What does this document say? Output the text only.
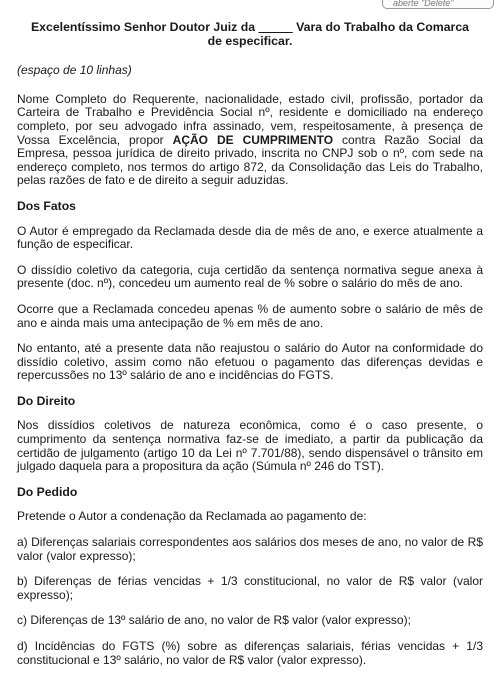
aberte "Delete"
Excelentíssimo Senhor Doutor Juiz da _____ Vara do Trabalho da Comarca
de especificar.
(espaço de 10 linhas)

Nome Completo do Requerente, nacionalidade, estado civil, profissão, portador da Carteira de Trabalho e Previdência Social nº, residente e domiciliado na endereço completo, por seu advogado infra assinado, vem, respeitosamente, à presença de Vossa Excelência, propor AÇÃO DE CUMPRIMENTO contra Razão Social da Empresa, pessoa jurídica de direito privado, inscrita no CNPJ sob o nº, com sede na endereço completo, nos termos do artigo 872, da Consolidação das Leis do Trabalho, pelas razões de fato e de direito a seguir aduzidas.

Dos Fatos

O Autor é empregado da Reclamada desde dia de mês de ano, e exerce atualmente a função de especificar.

O dissídio coletivo da categoria, cuja certidão da sentença normativa segue anexa à presente (doc. nº), concedeu um aumento real de % sobre o salário do mês de ano.

Ocorre que a Reclamada concedeu apenas % de aumento sobre o salário de mês de ano e ainda mais uma antecipação de % em mês de ano.

No entanto, até a presente data não reajustou o salário do Autor na conformidade do dissídio coletivo, assim como não efetuou o pagamento das diferenças devidas e repercussões no 13º salário de ano e incidências do FGTS.

Do Direito

Nos dissídios coletivos de natureza econômica, como é o caso presente, o cumprimento da sentença normativa faz-se de imediato, a partir da publicação da certidão de julgamento (artigo 10 da Lei nº 7.701/88), sendo dispensável o trânsito em julgado daquela para a propositura da ação (Súmula nº 246 do TST).

Do Pedido

Pretende o Autor a condenação da Reclamada ao pagamento de:

a) Diferenças salariais correspondentes aos salários dos meses de ano, no valor de R$ valor (valor expresso);

b) Diferenças de férias vencidas + 1/3 constitucional, no valor de R$ valor (valor expresso);

c) Diferenças de 13º salário de ano, no valor de R$ valor (valor expresso);

d) Incidências do FGTS (%) sobre as diferenças salariais, férias vencidas + 1/3 constitucional e 13º salário, no valor de R$ valor (valor expresso).
